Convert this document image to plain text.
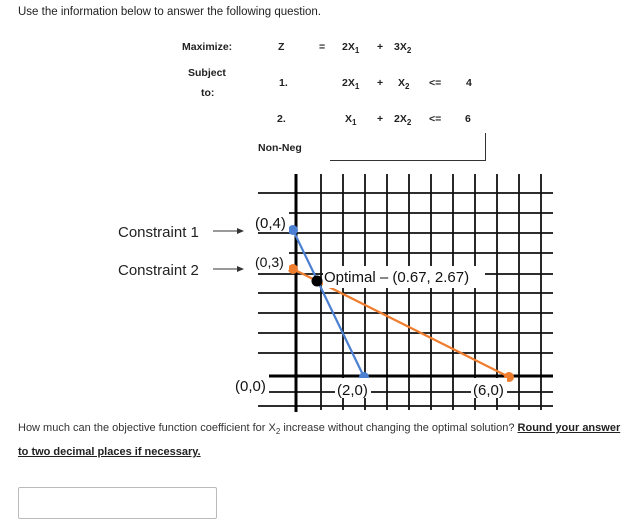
Use the information below to answer the following question.
Maximize:	Z	= $2X_1 + 3X_2$
Subject
to:
1.	$2X_1 + X_2 <= 4$
2.	$X_1 + 2X_2 <= 6$
Non-Neg
Constraint 1
Constraint 2
(0,4)
(0,3)
Optimal – (0.67, 2.67)
(0,0)	(2,0)	(6,0)
How much can the objective function coefficient for $X_2$ increase without changing the optimal solution? Round your answer to two decimal places if necessary.
